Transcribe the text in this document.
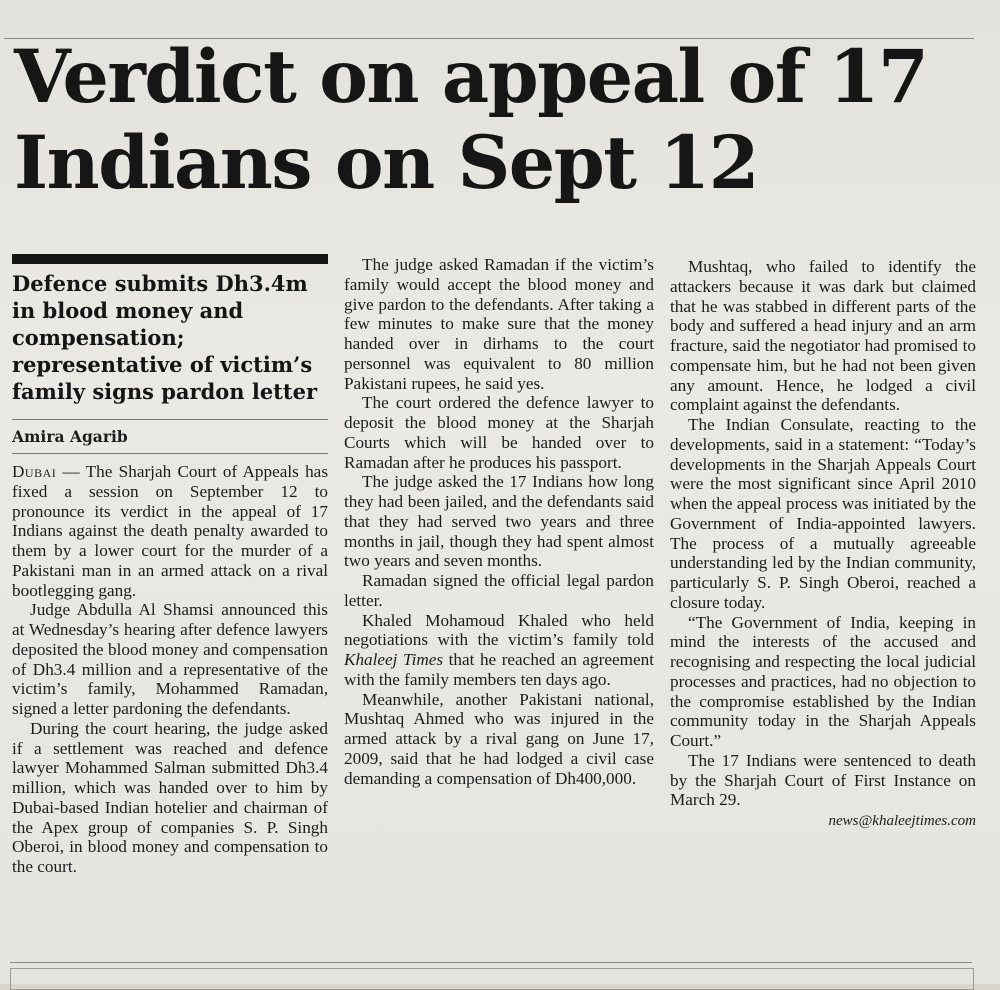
Verdict on appeal of 17 Indians on Sept 12
Defence submits Dh3.4m in blood money and compensation; representative of victim’s family signs pardon letter
Amira Agarib

Dubai — The Sharjah Court of Appeals has fixed a session on September 12 to pronounce its verdict in the appeal of 17 Indians against the death penalty awarded to them by a lower court for the murder of a Pakistani man in an armed attack on a rival bootlegging gang.

Judge Abdulla Al Shamsi announced this at Wednesday’s hearing after defence lawyers deposited the blood money and compensation of Dh3.4 million and a representative of the victim’s family, Mohammed Ramadan, signed a letter pardoning the defendants.

During the court hearing, the judge asked if a settlement was reached and defence lawyer Mohammed Salman submitted Dh3.4 million, which was handed over to him by Dubai-based Indian hotelier and chairman of the Apex group of companies S. P. Singh Oberoi, in blood money and compensation to the court.

The judge asked Ramadan if the victim’s family would accept the blood money and give pardon to the defendants. After taking a few minutes to make sure that the money handed over in dirhams to the court personnel was equivalent to 80 million Pakistani rupees, he said yes.

The court ordered the defence lawyer to deposit the blood money at the Sharjah Courts which will be handed over to Ramadan after he produces his passport.

The judge asked the 17 Indians how long they had been jailed, and the defendants said that they had served two years and three months in jail, though they had spent almost two years and seven months.

Ramadan signed the official legal pardon letter.

Khaled Mohamoud Khaled who held negotiations with the victim’s family told Khaleej Times that he reached an agreement with the family members ten days ago.

Meanwhile, another Pakistani national, Mushtaq Ahmed who was injured in the armed attack by a rival gang on June 17, 2009, said that he had lodged a civil case demanding a compensation of Dh400,000.

Mushtaq, who failed to identify the attackers because it was dark but claimed that he was stabbed in different parts of the body and suffered a head injury and an arm fracture, said the negotiator had promised to compensate him, but he had not been given any amount. Hence, he lodged a civil complaint against the defendants.

The Indian Consulate, reacting to the developments, said in a statement: “Today’s developments in the Sharjah Appeals Court were the most significant since April 2010 when the appeal process was initiated by the Government of India-appointed lawyers. The process of a mutually agreeable understanding led by the Indian community, particularly S. P. Singh Oberoi, reached a closure today.

“The Government of India, keeping in mind the interests of the accused and recognising and respecting the local judicial processes and practices, had no objection to the compromise established by the Indian community today in the Sharjah Appeals Court.”

The 17 Indians were sentenced to death by the Sharjah Court of First Instance on March 29.

news@khaleejtimes.com
